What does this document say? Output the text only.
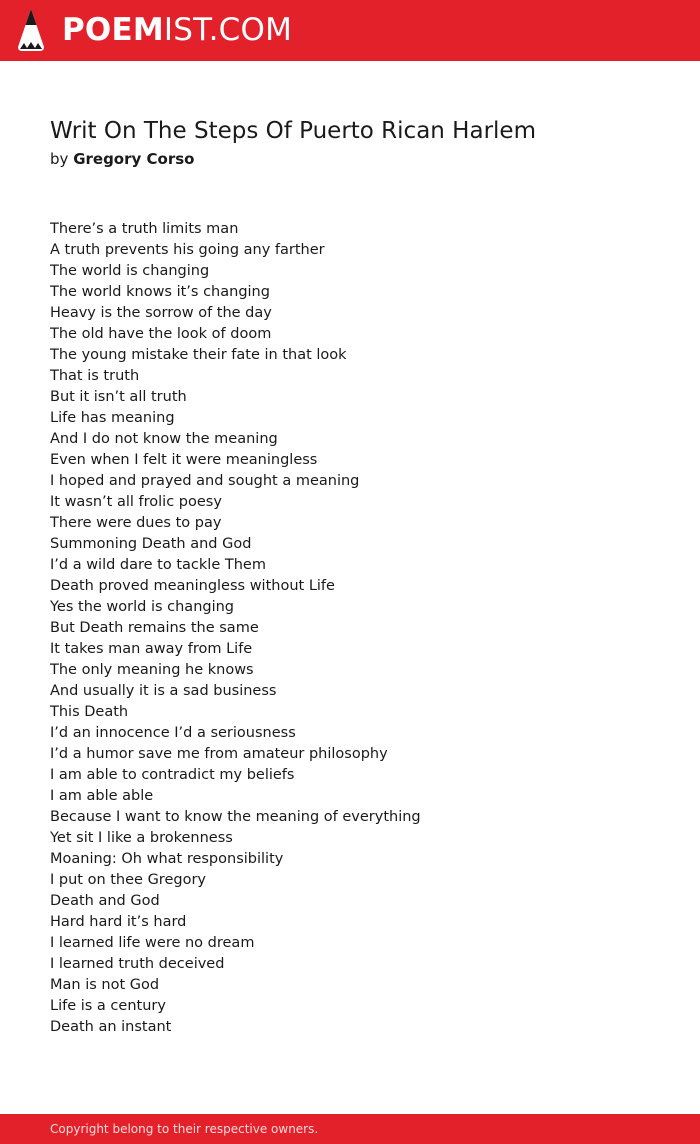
POEMIST.COM
Writ On The Steps Of Puerto Rican Harlem
by Gregory Corso
There’s a truth limits man
A truth prevents his going any farther
The world is changing
The world knows it’s changing
Heavy is the sorrow of the day
The old have the look of doom
The young mistake their fate in that look
That is truth
But it isn’t all truth
Life has meaning
And I do not know the meaning
Even when I felt it were meaningless
I hoped and prayed and sought a meaning
It wasn’t all frolic poesy
There were dues to pay
Summoning Death and God
I’d a wild dare to tackle Them
Death proved meaningless without Life
Yes the world is changing
But Death remains the same
It takes man away from Life
The only meaning he knows
And usually it is a sad business
This Death
I’d an innocence I’d a seriousness
I’d a humor save me from amateur philosophy
I am able to contradict my beliefs
I am able able
Because I want to know the meaning of everything
Yet sit I like a brokenness
Moaning: Oh what responsibility
I put on thee Gregory
Death and God
Hard hard it’s hard
I learned life were no dream
I learned truth deceived
Man is not God
Life is a century
Death an instant
Copyright belong to their respective owners.
